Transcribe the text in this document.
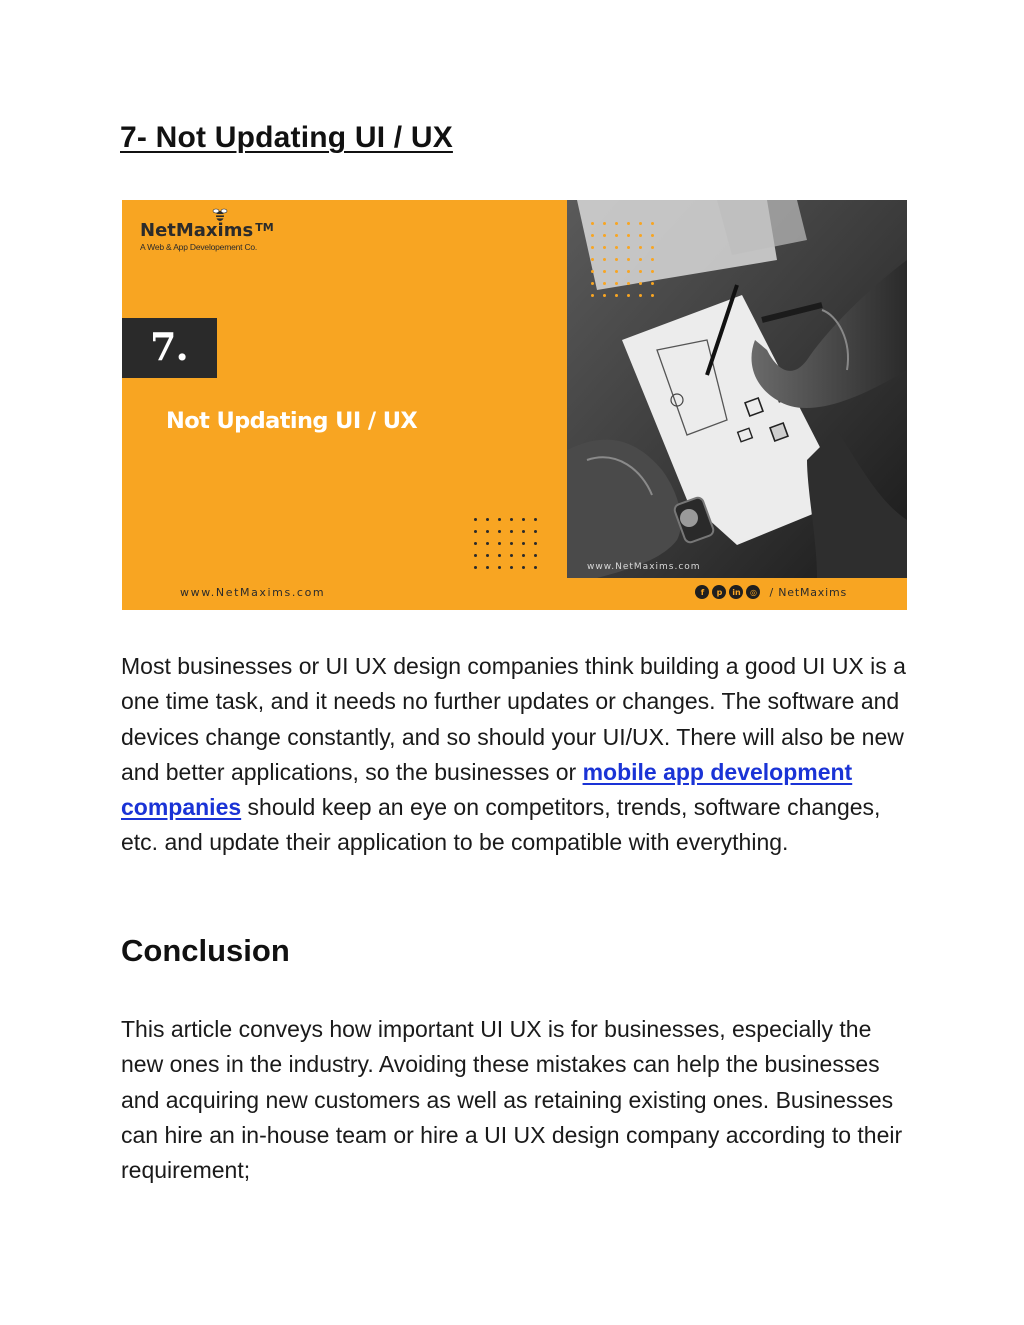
7- Not Updating UI / UX
NetMaxims ™
A Web & App Developement Co.
7.
Not Updating UI / UX
www.NetMaxims.com
www.NetMaxims.com	f	p	in	◎	/ NetMaxims

Most businesses or UI UX design companies think building a good UI UX is a one time task, and it needs no further updates or changes. The software and devices change constantly, and so should your UI/UX. There will also be new and better applications, so the businesses or mobile app development companies should keep an eye on competitors, trends, software changes, etc. and update their application to be compatible with everything.

Conclusion

This article conveys how important UI UX is for businesses, especially the new ones in the industry. Avoiding these mistakes can help the businesses and acquiring new customers as well as retaining existing ones. Businesses can hire an in-house team or hire a UI UX design company according to their requirement;
